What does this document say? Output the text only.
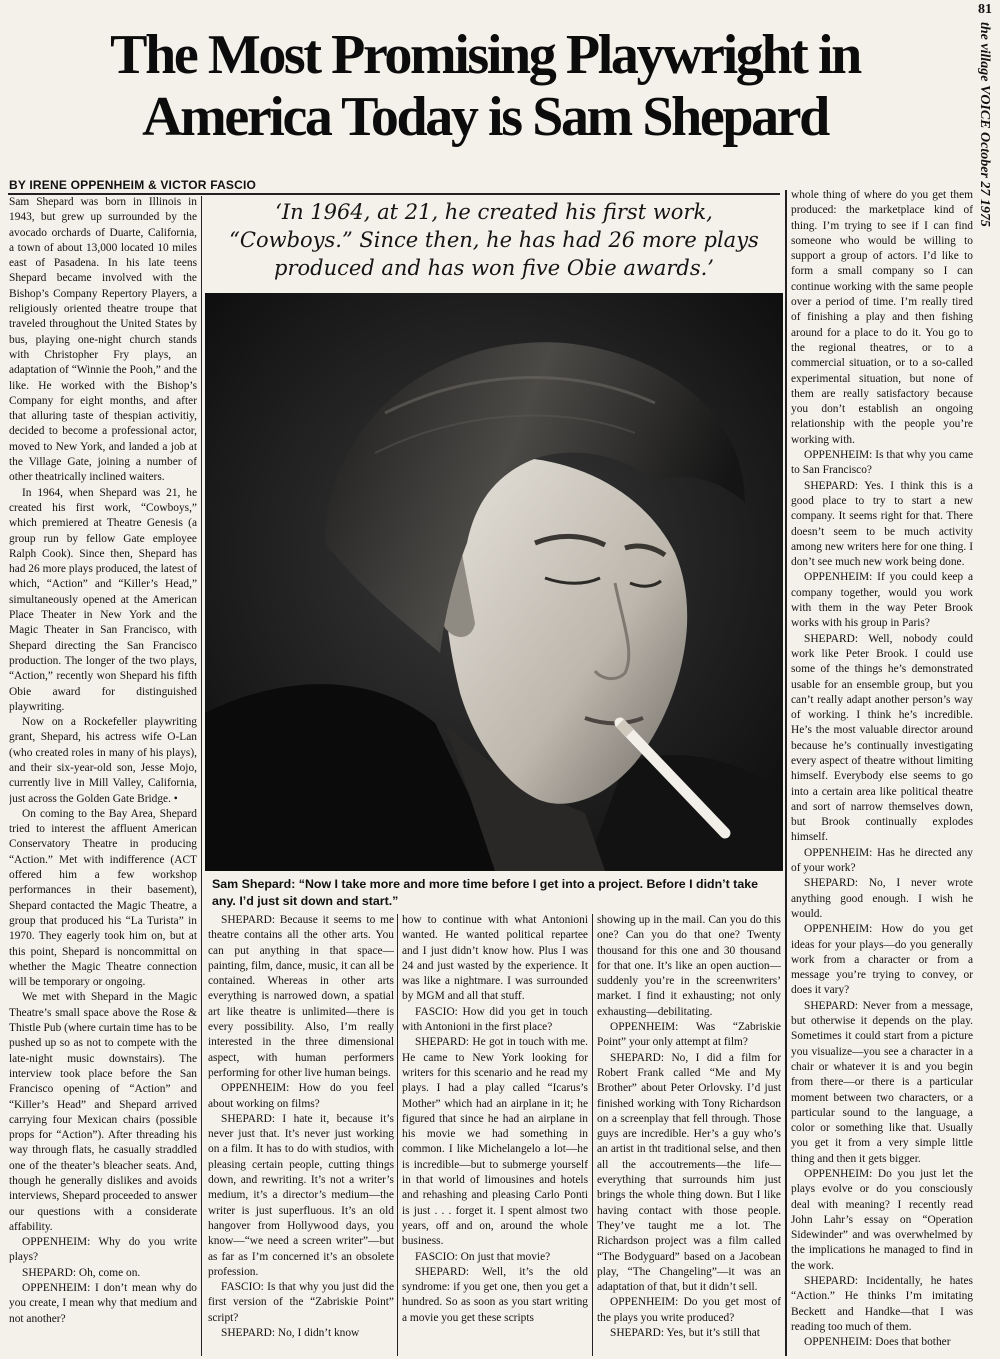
81
the village VOICE October 27 1975
The Most Promising Playwright in America Today is Sam Shepard

BY IRENE OPPENHEIM & VICTOR FASCIO

Sam Shepard was born in Illinois in 1943, but grew up surrounded by the avocado orchards of Duarte, California, a town of about 13,000 located 10 miles east of Pasadena. In his late teens Shepard became involved with the Bishop’s Company Repertory Players, a religiously oriented theatre troupe that traveled throughout the United States by bus, playing one-night church stands with Christopher Fry plays, an adaptation of “Winnie the Pooh,” and the like. He worked with the Bishop’s Company for eight months, and after that alluring taste of thespian activitiy, decided to become a professional actor, moved to New York, and landed a job at the Village Gate, joining a number of other theatrically inclined waiters.

In 1964, when Shepard was 21, he created his first work, “Cowboys,” which premiered at Theatre Genesis (a group run by fellow Gate employee Ralph Cook). Since then, Shepard has had 26 more plays produced, the latest of which, “Action” and “Killer’s Head,” simultaneously opened at the American Place Theater in New York and the Magic Theater in San Francisco, with Shepard directing the San Francisco production. The longer of the two plays, “Action,” recently won Shepard his fifth Obie award for distinguished playwriting.

Now on a Rockefeller playwriting grant, Shepard, his actress wife O-Lan (who created roles in many of his plays), and their six-year-old son, Jesse Mojo, currently live in Mill Valley, California, just across the Golden Gate Bridge. •

On coming to the Bay Area, Shepard tried to interest the affluent American Conservatory Theatre in producing “Action.” Met with indifference (ACT offered him a few workshop performances in their basement), Shepard contacted the Magic Theatre, a group that produced his “La Turista” in 1970. They eagerly took him on, but at this point, Shepard is noncommittal on whether the Magic Theatre connection will be temporary or ongoing.

We met with Shepard in the Magic Theatre’s small space above the Rose & Thistle Pub (where curtain time has to be pushed up so as not to compete with the late-night music downstairs). The interview took place before the San Francisco opening of “Action” and “Killer’s Head” and Shepard arrived carrying four Mexican chairs (possible props for “Action”). After threading his way through flats, he casually straddled one of the theater’s bleacher seats. And, though he generally dislikes and avoids interviews, Shepard proceeded to answer our questions with a considerate affability.

OPPENHEIM: Why do you write plays?

SHEPARD: Oh, come on.

OPPENHEIM: I don’t mean why do you create, I mean why that medium and not another?

‘In 1964, at 21, he created his first work, “Cowboys.” Since then, he has had 26 more plays produced and has won five Obie awards.’

Sam Shepard: “Now I take more and more time before I get into a project. Before I didn’t take any. I’d just sit down and start.”

SHEPARD: Because it seems to me theatre contains all the other arts. You can put anything in that space—painting, film, dance, music, it can all be contained. Whereas in other arts everything is narrowed down, a spatial art like theatre is unlimited—there is every possibility. Also, I’m really interested in the three dimensional aspect, with human performers performing for other live human beings.

OPPENHEIM: How do you feel about working on films?

SHEPARD: I hate it, because it’s never just that. It’s never just working on a film. It has to do with studios, with pleasing certain people, cutting things down, and rewriting. It’s not a writer’s medium, it’s a director’s medium—the writer is just superfluous. It’s an old hangover from Hollywood days, you know—“we need a screen writer”—but as far as I’m concerned it’s an obsolete profession.

FASCIO: Is that why you just did the first version of the “Zabriskie Point” script?

SHEPARD: No, I didn’t know

how to continue with what Antonioni wanted. He wanted political repartee and I just didn’t know how. Plus I was 24 and just wasted by the experience. It was like a nightmare. I was surrounded by MGM and all that stuff.

FASCIO: How did you get in touch with Antonioni in the first place?

SHEPARD: He got in touch with me. He came to New York looking for writers for this scenario and he read my plays. I had a play called “Icarus’s Mother” which had an airplane in it; he figured that since he had an airplane in his movie we had something in common. I like Michelangelo a lot—he is incredible—but to submerge yourself in that world of limousines and hotels and rehashing and pleasing Carlo Ponti is just . . . forget it. I spent almost two years, off and on, around the whole business.

FASCIO: On just that movie?

SHEPARD: Well, it’s the old syndrome: if you get one, then you get a hundred. So as soon as you start writing a movie you get these scripts

showing up in the mail. Can you do this one? Can you do that one? Twenty thousand for this one and 30 thousand for that one. It’s like an open auction—suddenly you’re in the screenwriters’ market. I find it exhausting; not only exhausting—debilitating.

OPPENHEIM: Was “Zabriskie Point” your only attempt at film?

SHEPARD: No, I did a film for Robert Frank called “Me and My Brother” about Peter Orlovsky. I’d just finished working with Tony Richardson on a screenplay that fell through. Those guys are incredible. Her’s a guy who’s an artist in tht traditional selse, and then all the accoutrements—the life—everything that surrounds him just brings the whole thing down. But I like having contact with those people. They’ve taught me a lot. The Richardson project was a film called “The Bodyguard” based on a Jacobean play, “The Changeling”—it was an adaptation of that, but it didn’t sell.

OPPENHEIM: Do you get most of the plays you write produced?

SHEPARD: Yes, but it’s still that

whole thing of where do you get them produced: the marketplace kind of thing. I’m trying to see if I can find someone who would be willing to support a group of actors. I’d like to form a small company so I can continue working with the same people over a period of time. I’m really tired of finishing a play and then fishing around for a place to do it. You go to the regional theatres, or to a commercial situation, or to a so-called experimental situation, but none of them are really satisfactory because you don’t establish an ongoing relationship with the people you’re working with.

OPPENHEIM: Is that why you came to San Francisco?

SHEPARD: Yes. I think this is a good place to try to start a new company. It seems right for that. There doesn’t seem to be much activity among new writers here for one thing. I don’t see much new work being done.

OPPENHEIM: If you could keep a company together, would you work with them in the way Peter Brook works with his group in Paris?

SHEPARD: Well, nobody could work like Peter Brook. I could use some of the things he’s demonstrated usable for an ensemble group, but you can’t really adapt another person’s way of working. I think he’s incredible. He’s the most valuable director around because he’s continually investigating every aspect of theatre without limiting himself. Everybody else seems to go into a certain area like political theatre and sort of narrow themselves down, but Brook continually explodes himself.

OPPENHEIM: Has he directed any of your work?

SHEPARD: No, I never wrote anything good enough. I wish he would.

OPPENHEIM: How do you get ideas for your plays—do you generally work from a character or from a message you’re trying to convey, or does it vary?

SHEPARD: Never from a message, but otherwise it depends on the play. Sometimes it could start from a picture you visualize—you see a character in a chair or whatever it is and you begin from there—or there is a particular moment between two characters, or a particular sound to the language, a color or something like that. Usually you get it from a very simple little thing and then it gets bigger.

OPPENHEIM: Do you just let the plays evolve or do you consciously deal with meaning? I recently read John Lahr’s essay on “Operation Sidewinder” and was overwhelmed by the implications he managed to find in the work.

SHEPARD: Incidentally, he hates “Action.” He thinks I’m imitating Beckett and Handke—that I was reading too much of them.

OPPENHEIM: Does that bother
